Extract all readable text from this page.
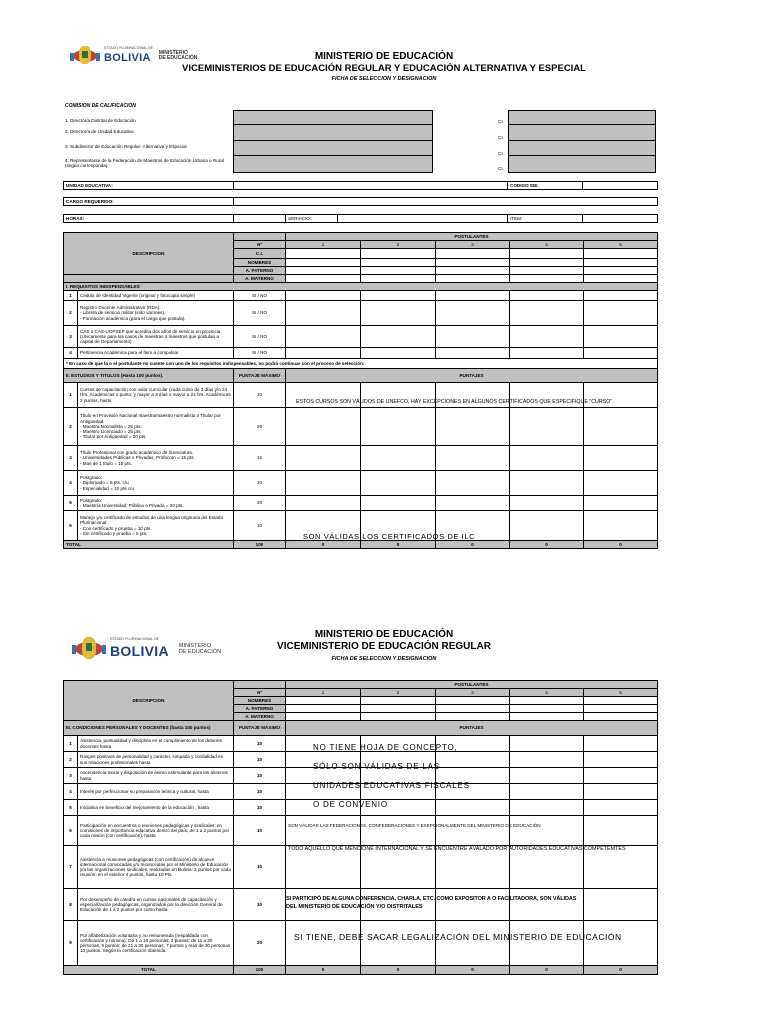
ESTADO PLURINACIONAL DE
BOLIVIA MINISTERIO
DE EDUCACIÓN	MINISTERIO DE EDUCACIÓN
VICEMINISTERIOS DE EDUCACIÓN REGULAR Y EDUCACIÓN ALTERNATIVA Y ESPECIAL
FICHA DE SELECCION Y DESIGNACION
COMISION DE CALIFICACION
1. Director/a Distrital de Educación
2. Director/a de Unidad Educativa
3. Subdirector de Educación Regular- Alternativa y Especial
4. Representante de la Federación de Maestros de Educación Urbana o Rural (según corresponda)
CI.
CI.
CI.
CI.
UNIDAD EDUCATIVA:		CODIGO SIE:	
CARGO REQUERIDO:	
HORAS:		SERVICIO:		ITEM:	
DESCRIPCION			POSTULANTES				
		Nº	1	2	3	4	5
		C.I.					
		NOMBRES					
		A. PATERNO					
		A. MATERNO					
I. REQUISITOS INDISPENSABLES							
1	Cédula de Identidad Vigente (original y fotocopia simple)	SI / NO					
2	Registro Docente Administrativo (RDA).
- Libreta de servicio militar (solo varones).
- Formación académica (para el cargo que postula).	SI / NO					
3	CAS o CAS-UGPSEP que acredita dos años de servicio en provincia (Únicamente para los casos de maestras o maestros que postulan a capital de Departamento)	SI / NO					
4	Pertinencia Académica para el Ítem a compulsar	SI / NO					
* En caso de que la o el postulante no cuente con uno de los requisitos indispensables, no podrá continuar con el proceso de selección.							
II. ESTUDIOS Y TITULOS (Hasta 100 puntos).		PUNTAJE MÁXIMO	PUNTAJES				
1	Cursos de capacitación con valor curricular (cada curso de 3 días y/o 24 Hrs. Académicas 1 punto; y mayor a 3 días o mayor a 24 hrs. Académicas 2 puntos, hasta	10					
2	Título en Provisión Nacional maestra/maestro normalista o Titular por Antigüedad.
- Maestra Normalista = 25 pts.
- Maestro Licenciado = 25 pts.
- Titular por Antigüedad = 20 pts.	25					
3	Título Profesional con grado académico de licenciatura.
- Universidades Públicas o Privadas, Profocom = 15 pts.
- Mas de 1 título = 15 pts.	15					
4	Postgrado:
- Diplomado = 5 pts. c/u
- Especialidad = 10 pts c/u	20					
5	Postgrado:
- Maestría Universidad: Pública o Privada = 20 pts.	20					
6	Manejo y/o certificado de estudios de una lengua originaria del Estado Plurinacional:
- Con certificado y prueba = 10 pts.
- Sin certificado y prueba = 5 pts.	10					
TOTAL		100	0	0	0	0	0
ESTOS CURSOS SON VÁLIDOS DE UNEFCO, HAY EXCEPCIONES EN ALGUNOS CERTIFICADOS QUE ESPECIFIQUE "CURSO".
SON VÁLIDAS LOS CERTIFICADOS DE ILC
ESTADO PLURINACIONAL DE
BOLIVIA MINISTERIO
DE EDUCACIÓN
MINISTERIO DE EDUCACIÓN
VICEMINISTERIO DE EDUCACIÓN REGULAR
FICHA DE SELECCION Y DESIGNACION
DESCRIPCION			POSTULANTES				
		Nº	1	2	3	4	5
		NOMBRES					
		A. PATERNO					
		A. MATERNO					
III. CONDICIONES PERSONALES Y DOCENTES (hasta 100 puntos)		PUNTAJE MÁXIMO	PUNTAJES				
1	Asistencia, puntualidad y disciplina en el cumplimiento de los deberes docentes hasta	10					
2	Rasgos positivos de personalidad y carácter, simpatía y cordialidad en sus relaciones profesionales hasta	10					
3	Ascendencia moral y disposición de ánimo estimulante para los alumnos hasta	10					
4	Interés por perfeccionar su preparación teórica y cultural, hasta	10					
5	Iniciativa en beneficio del mejoramiento de la educación , hasta	10					
6	Participación en encuentros o reuniones pedagógicas y sindicales; en comisiones de importancia educativa dentro del país; de 1 a 2 puntos por cada misión (con certificación), hasta	10					
7	Asistencia a reuniones pedagógicas (con certificación) de alcance internacional convocadas y/o reconocidas por el Ministerio de Educación y/o las organizaciones sindicales, realizadas en Bolivia: 2 puntos por cada reunión; en el exterior 4 puntos, hasta 10 Pts.	10					
8	Por desempeño de cátedra en cursos nacionales de capacitación y especialización pedagógicas, organizados por la dirección General de Educación de 1 a 2 puntos por curso hasta	10					
9	Por alfabetización voluntaria y no remunerada (respaldada con certificación y nómina): De 1 a 10 personas, 2 puntos; de 11 a 20 personas, 5 puntos; de 21 a 30 personas, 7 puntos y más de 30 personas 10 puntos. Según la certificación obtenida.	20					
TOTAL		100	0	0	0	0	0
NO TIENE HOJA DE CONCEPTO,
SÓLO SON VÁLIDAS DE LAS
UNIDADES EDUCATIVAS FISCALES
O DE CONVENIO
SON VÁLIDAS LAS FEDERACIONES, CONFEDERACIONES Y EXEPCIONALMENTE DEL MINISTERIO DE EDUCACIÓN
TODO AQUELLO QUE MENCIONE INTERNACIONAL Y SE ENCUENTRE ÁVALADO POR AUTORIDADES EDUCATIVAS COMPETEMTES
SI PARTICIPÓ DE ALGUNA CONFERENCIA, CHARLA, ETC. COMO EXPOSITOR A O FACILITADORA, SON VÁLIDAS
DEL MINISTERIO DE EDUCACIÓN Y/O DISTRITALES
SI TIENE, DEBE SACAR LEGALIZACIÓN DEL MINISTERIO DE EDUCACIÓN
